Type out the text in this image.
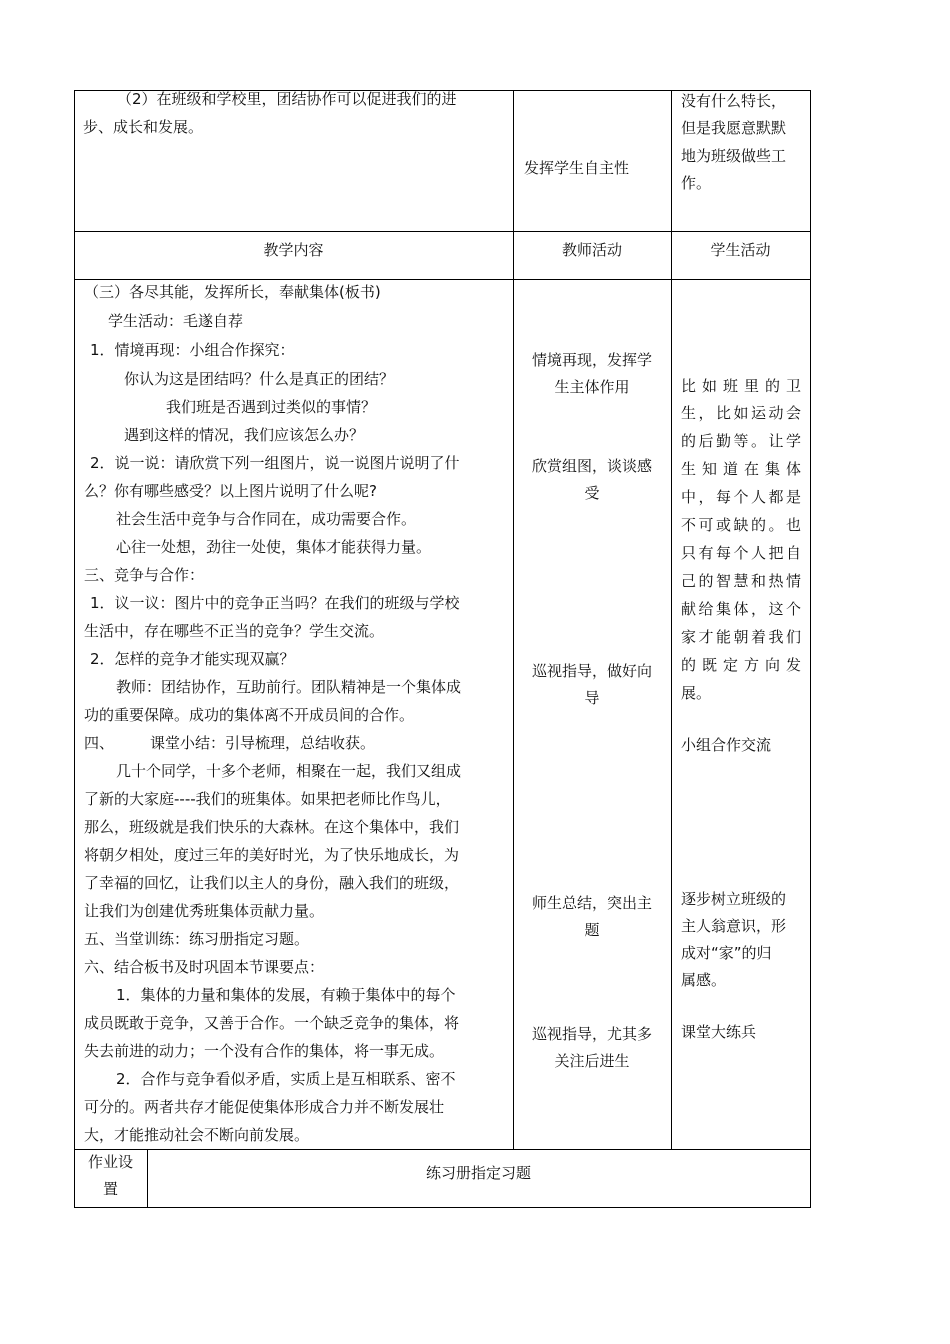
（2）在班级和学校里，团结协作可以促进我们的进
步、成长和发展。
发挥学生自主性
没有什么特长，
但是我愿意默默
地为班级做些工
作。
教学内容	教师活动	学生活动
（三）各尽其能，发挥所长，奉献集体(板书)
学生活动：毛遂自荐
1．情境再现：小组合作探究：
你认为这是团结吗？什么是真正的团结？
我们班是否遇到过类似的事情？
遇到这样的情况，我们应该怎么办？
2．说一说：请欣赏下列一组图片，说一说图片说明了什
么？你有哪些感受？以上图片说明了什么呢?
社会生活中竞争与合作同在，成功需要合作。
心往一处想，劲往一处使，集体才能获得力量。
三、竞争与合作：
1．议一议：图片中的竞争正当吗？在我们的班级与学校
生活中，存在哪些不正当的竞争？学生交流。
2．怎样的竞争才能实现双赢？
教师：团结协作，互助前行。团队精神是一个集体成
功的重要保障。成功的集体离不开成员间的合作。
四、 课堂小结：引导梳理，总结收获。
几十个同学，十多个老师，相聚在一起，我们又组成
了新的大家庭----我们的班集体。如果把老师比作鸟儿，
那么，班级就是我们快乐的大森林。在这个集体中，我们
将朝夕相处，度过三年的美好时光，为了快乐地成长，为
了幸福的回忆，让我们以主人的身份，融入我们的班级，
让我们为创建优秀班集体贡献力量。
五、当堂训练：练习册指定习题。
六、结合板书及时巩固本节课要点：
1．集体的力量和集体的发展，有赖于集体中的每个
成员既敢于竞争，又善于合作。一个缺乏竞争的集体，将
失去前进的动力；一个没有合作的集体，将一事无成。
2．合作与竞争看似矛盾，实质上是互相联系、密不
可分的。两者共存才能促使集体形成合力并不断发展壮
大，才能推动社会不断向前发展。
情境再现，发挥学
生主体作用
欣赏组图，谈谈感
受
巡视指导，做好向
导
师生总结，突出主
题
巡视指导，尤其多
关注后进生
比如班里的卫
生，比如运动会
的后勤等。让学
生知道在集体
中，每个人都是
不可或缺的。也
只有每个人把自
己的智慧和热情
献给集体，这个
家才能朝着我们
的既定方向发
展。
小组合作交流
逐步树立班级的
主人翁意识，形
成对“家”的归
属感。
课堂大练兵
作业设
置
练习册指定习题
